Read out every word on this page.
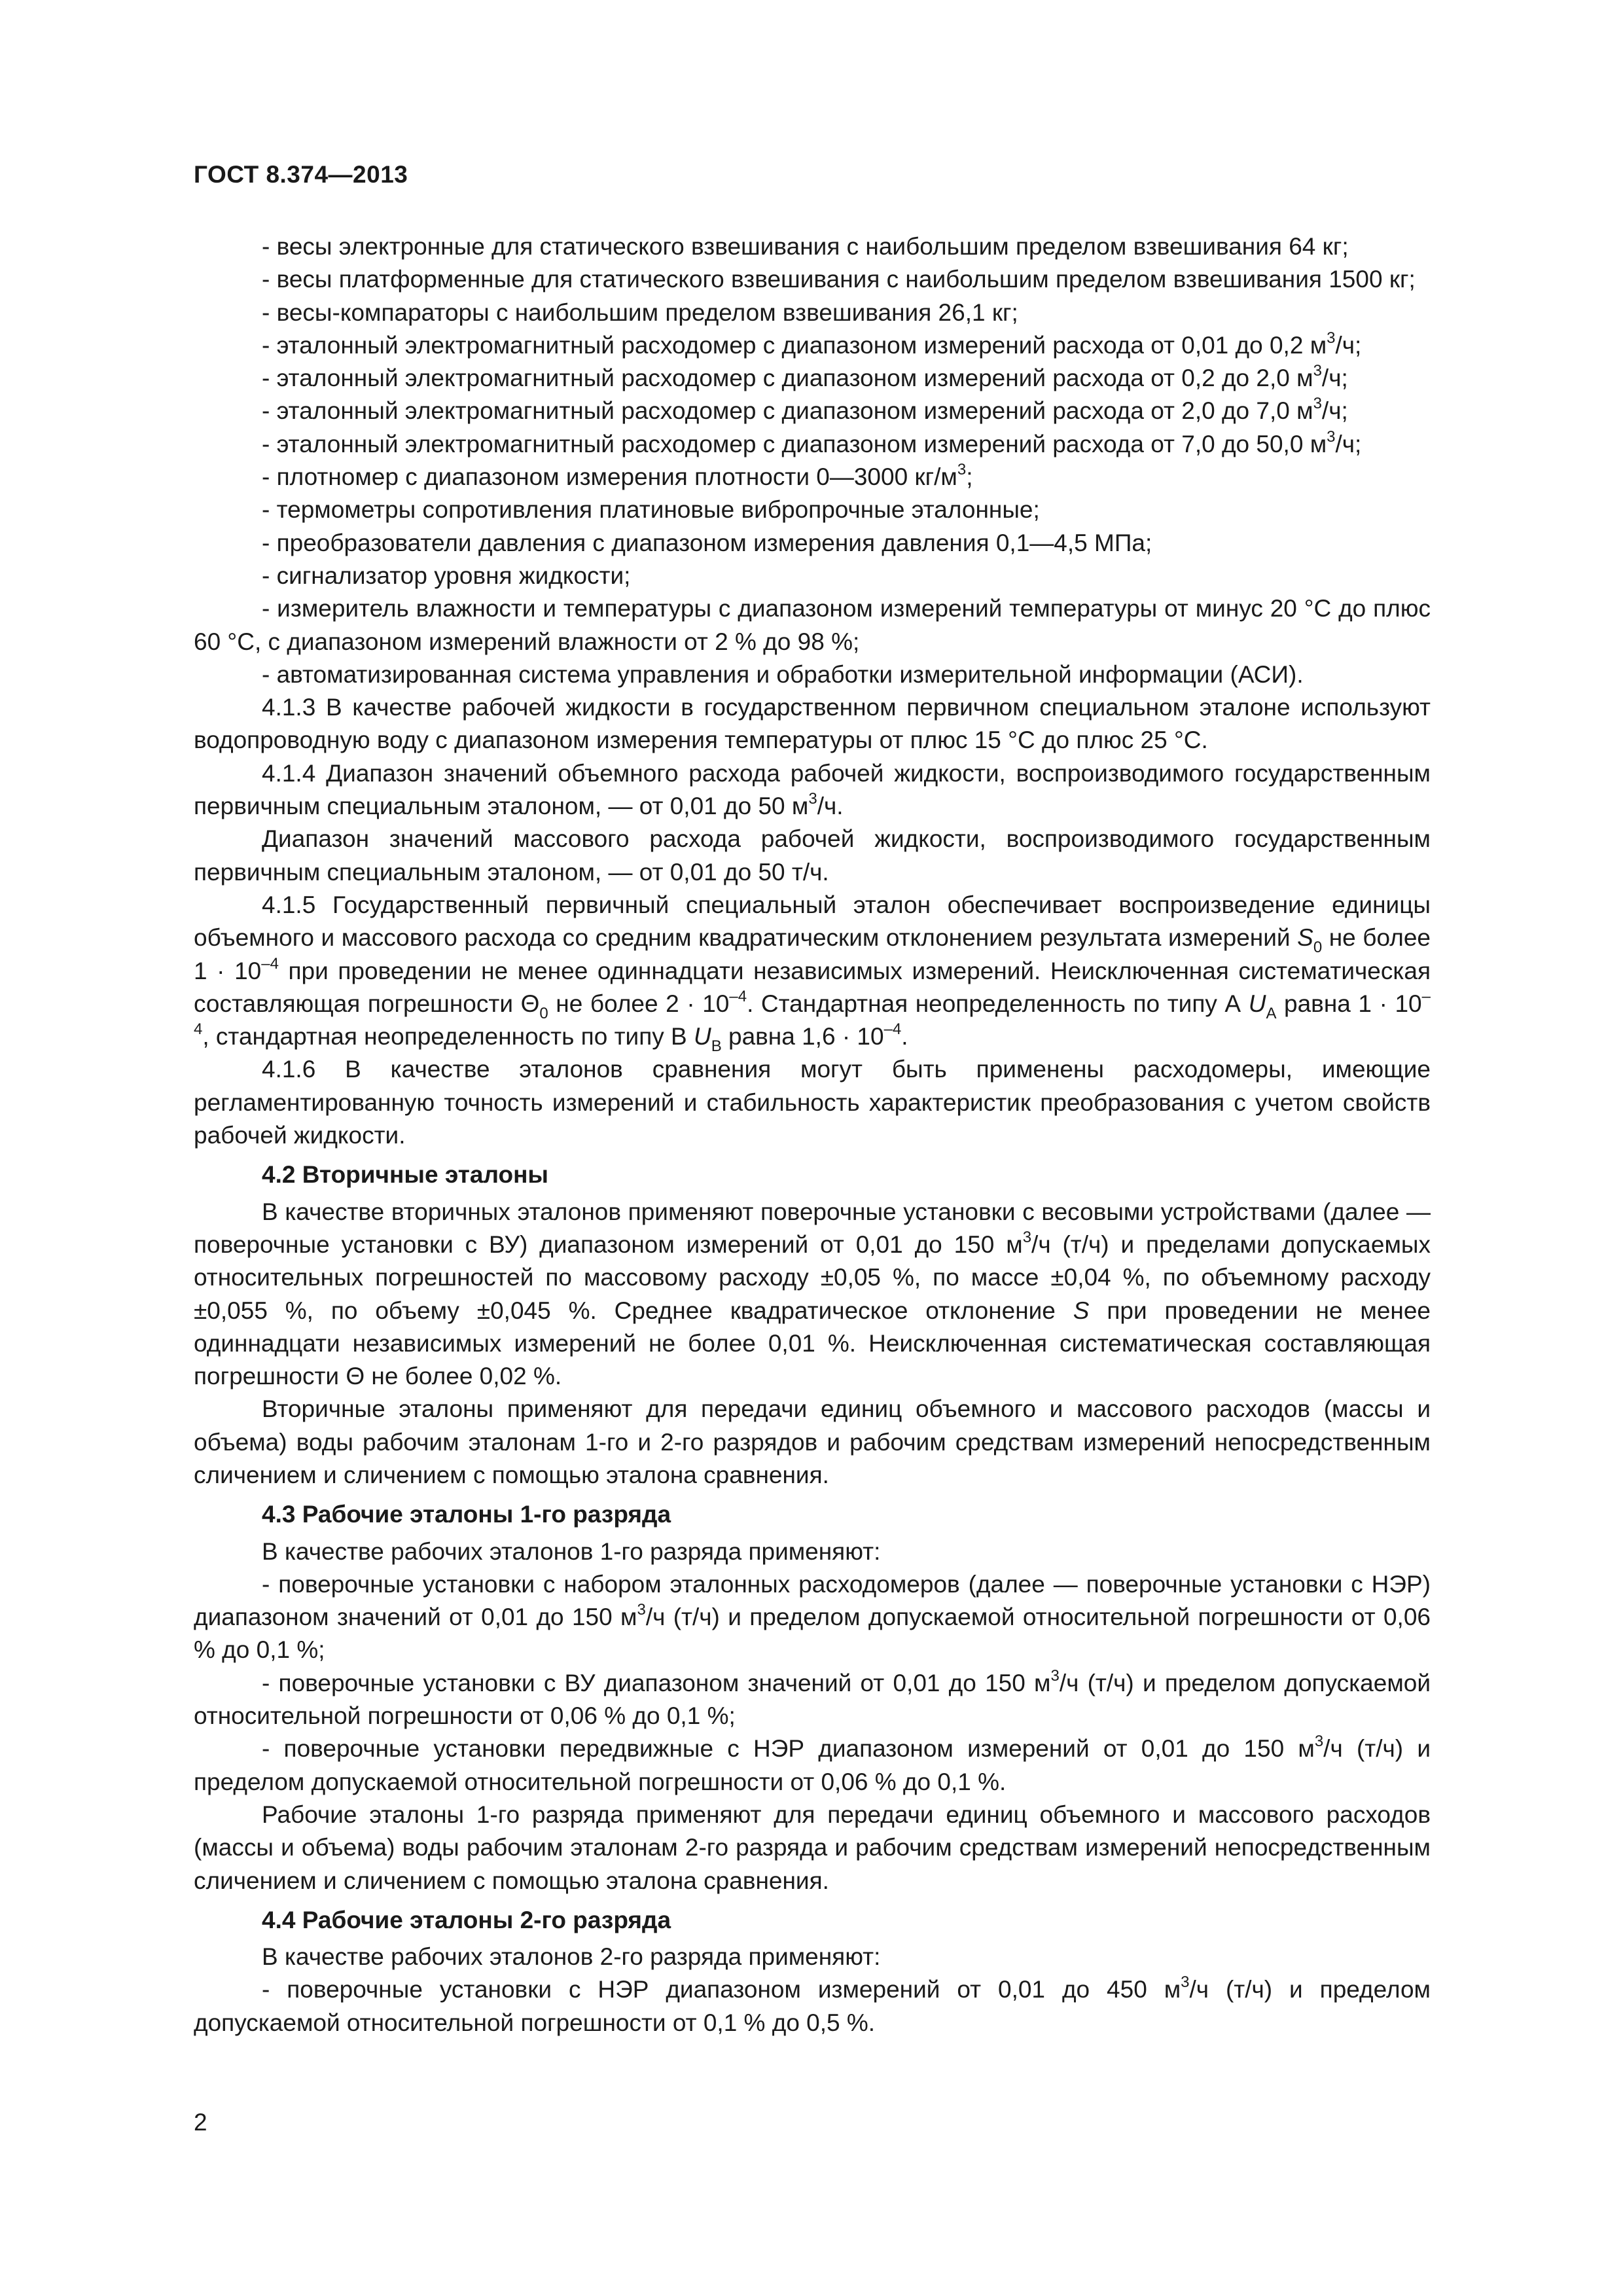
ГОСТ 8.374—2013

- весы электронные для статического взвешивания с наибольшим пределом взвешивания 64 кг;

- весы платформенные для статического взвешивания с наибольшим пределом взвешивания 1500 кг;

- весы-компараторы с наибольшим пределом взвешивания 26,1 кг;

- эталонный электромагнитный расходомер с диапазоном измерений расхода от 0,01 до 0,2 $м^3/ч$;

- эталонный электромагнитный расходомер с диапазоном измерений расхода от 0,2 до 2,0 $м^3/ч$;

- эталонный электромагнитный расходомер с диапазоном измерений расхода от 2,0 до 7,0 $м^3/ч$;

- эталонный электромагнитный расходомер с диапазоном измерений расхода от 7,0 до 50,0 $м^3/ч$;

- плотномер с диапазоном измерения плотности 0—3000 $кг/м^3$;

- термометры сопротивления платиновые вибропрочные эталонные;

- преобразователи давления с диапазоном измерения давления 0,1—4,5 МПа;

- сигнализатор уровня жидкости;

- измеритель влажности и температуры с диапазоном измерений температуры от минус 20 °С до плюс 60 °С, с диапазоном измерений влажности от 2 % до 98 %;

- автоматизированная система управления и обработки измерительной информации (АСИ).

4.1.3 В качестве рабочей жидкости в государственном первичном специальном эталоне используют водопроводную воду с диапазоном измерения температуры от плюс 15 °С до плюс 25 °С.

4.1.4 Диапазон значений объемного расхода рабочей жидкости, воспроизводимого государственным первичным специальным эталоном, — от 0,01 до 50 $м^3/ч$.

Диапазон значений массового расхода рабочей жидкости, воспроизводимого государственным первичным специальным эталоном, — от 0,01 до 50 т/ч.

4.1.5 Государственный первичный специальный эталон обеспечивает воспроизведение единицы объемного и массового расхода со средним квадратическим отклонением результата измерений $S_0$ не более $1 \cdot 10^{-4}$ при проведении не менее одиннадцати независимых измерений. Неисключенная систематическая составляющая погрешности $\Theta_0$ не более $2 \cdot 10^{-4}$. Стандартная неопределенность по типу А $U_A$ равна $1 \cdot 10^{-4}$, стандартная неопределенность по типу В $U_B$ равна $1,6 \cdot 10^{-4}$.

4.1.6 В качестве эталонов сравнения могут быть применены расходомеры, имеющие регламентированную точность измерений и стабильность характеристик преобразования с учетом свойств рабочей жидкости.

4.2 Вторичные эталоны

В качестве вторичных эталонов применяют поверочные установки с весовыми устройствами (далее — поверочные установки с ВУ) диапазоном измерений от 0,01 до 150 $м^3/ч$ (т/ч) и пределами допускаемых относительных погрешностей по массовому расходу ±0,05 %, по массе ±0,04 %, по объемному расходу ±0,055 %, по объему ±0,045 %. Среднее квадратическое отклонение S при проведении не менее одиннадцати независимых измерений не более 0,01 %. Неисключенная систематическая составляющая погрешности Θ не более 0,02 %.

Вторичные эталоны применяют для передачи единиц объемного и массового расходов (массы и объема) воды рабочим эталонам 1-го и 2-го разрядов и рабочим средствам измерений непосредственным сличением и сличением с помощью эталона сравнения.

4.3 Рабочие эталоны 1-го разряда

В качестве рабочих эталонов 1-го разряда применяют:

- поверочные установки с набором эталонных расходомеров (далее — поверочные установки с НЭР) диапазоном значений от 0,01 до 150 $м^3/ч$ (т/ч) и пределом допускаемой относительной погрешности от 0,06 % до 0,1 %;

- поверочные установки с ВУ диапазоном значений от 0,01 до 150 $м^3/ч$ (т/ч) и пределом допускаемой относительной погрешности от 0,06 % до 0,1 %;

- поверочные установки передвижные с НЭР диапазоном измерений от 0,01 до 150 $м^3/ч$ (т/ч) и пределом допускаемой относительной погрешности от 0,06 % до 0,1 %.

Рабочие эталоны 1-го разряда применяют для передачи единиц объемного и массового расходов (массы и объема) воды рабочим эталонам 2-го разряда и рабочим средствам измерений непосредственным сличением и сличением с помощью эталона сравнения.

4.4 Рабочие эталоны 2-го разряда

В качестве рабочих эталонов 2-го разряда применяют:

- поверочные установки с НЭР диапазоном измерений от 0,01 до 450 $м^3/ч$ (т/ч) и пределом допускаемой относительной погрешности от 0,1 % до 0,5 %.

2
